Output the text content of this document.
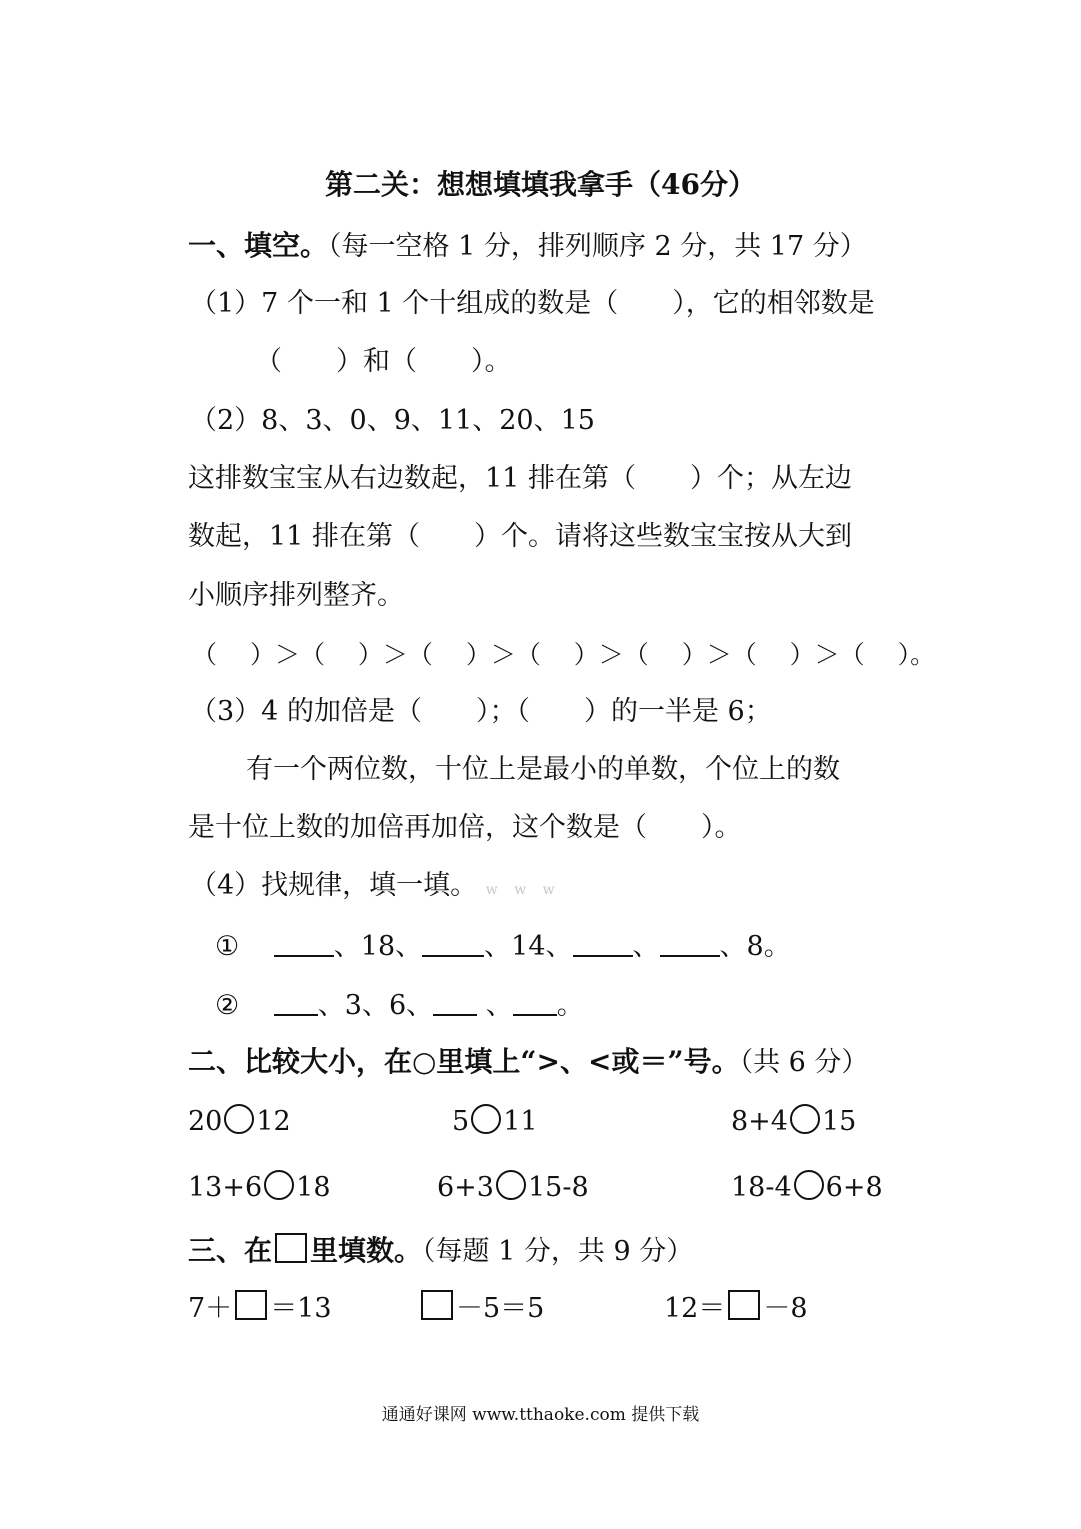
第二关：想想填填我拿手（46分）
一、填空。（每一空格 1 分，排列顺序 2 分，共 17 分）
（1）7 个一和 1 个十组成的数是（　　），它的相邻数是
（　　）和（　　）。
（2）8、3、0、9、11、20、15
这排数宝宝从右边数起，11 排在第（　　）个；从左边
数起，11 排在第（　　）个。请将这些数宝宝按从大到
小顺序排列整齐。
（　 ）＞（　 ）＞（　 ）＞（　 ）＞（　 ）＞（　 ）＞（　 ）。
（3）4 的加倍是（　　）；（　　）的一半是 6；
有一个两位数，十位上是最小的单数，个位上的数
是十位上数的加倍再加倍，这个数是（　　）。
（4）找规律，填一填。 w w w
①	、18、 、14、 、 、8。
②	、3、6、 、 。
二、比较大小，在○里填上“>、<或＝”号。（共 6 分）
20 12	5 11	8+4 15
13+6 18	6+3 15-8	18-4 6+8
三、在 里填数。（每题 1 分，共 9 分）
7＋ ＝13	－5＝5	12＝ －8
通通好课网 www.tthaoke.com 提供下载
